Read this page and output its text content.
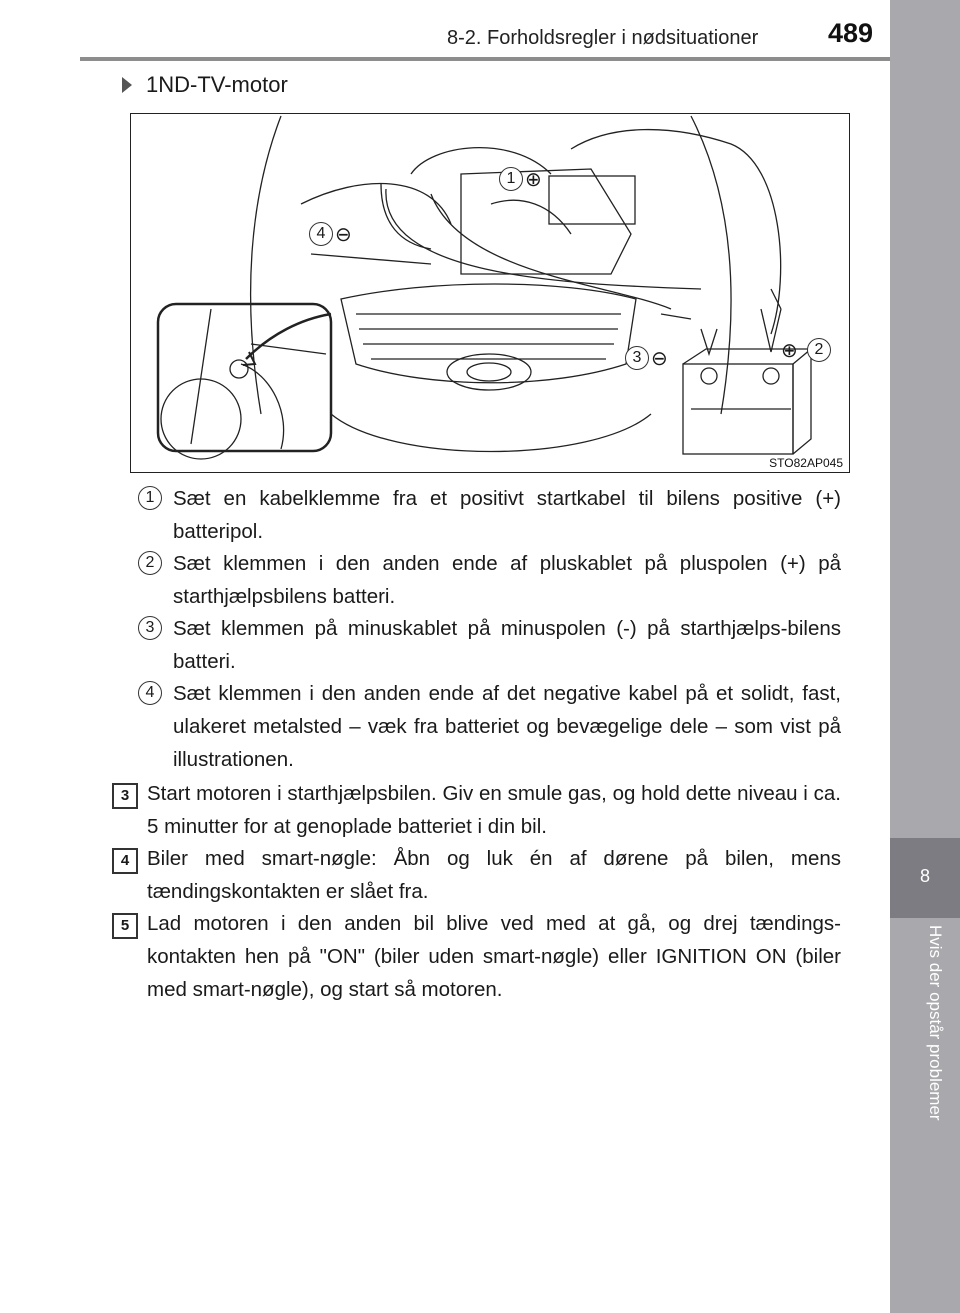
8-2. Forholdsregler i nødsituationer	489
8
Hvis der opstår problemer
1ND-TV-motor
1 ⊕
2
⊕
3 ⊖
4 ⊖
STO82AP045
1 Sæt en kabelklemme fra et positivt startkabel til bilens positive (+) batteripol.
2 Sæt klemmen i den anden ende af pluskablet på pluspolen (+) på starthjælpsbilens batteri.
3 Sæt klemmen på minuskablet på minuspolen (-) på starthjælps-bilens batteri.
4 Sæt klemmen i den anden ende af det negative kabel på et solidt, fast, ulakeret metalsted – væk fra batteriet og bevægelige dele – som vist på illustrationen.
3 Start motoren i starthjælpsbilen. Giv en smule gas, og hold dette niveau i ca. 5 minutter for at genoplade batteriet i din bil.
4 Biler med smart-nøgle: Åbn og luk én af dørene på bilen, mens tændingskontakten er slået fra.
5 Lad motoren i den anden bil blive ved med at gå, og drej tændings-kontakten hen på "ON" (biler uden smart-nøgle) eller IGNITION ON (biler med smart-nøgle), og start så motoren.
